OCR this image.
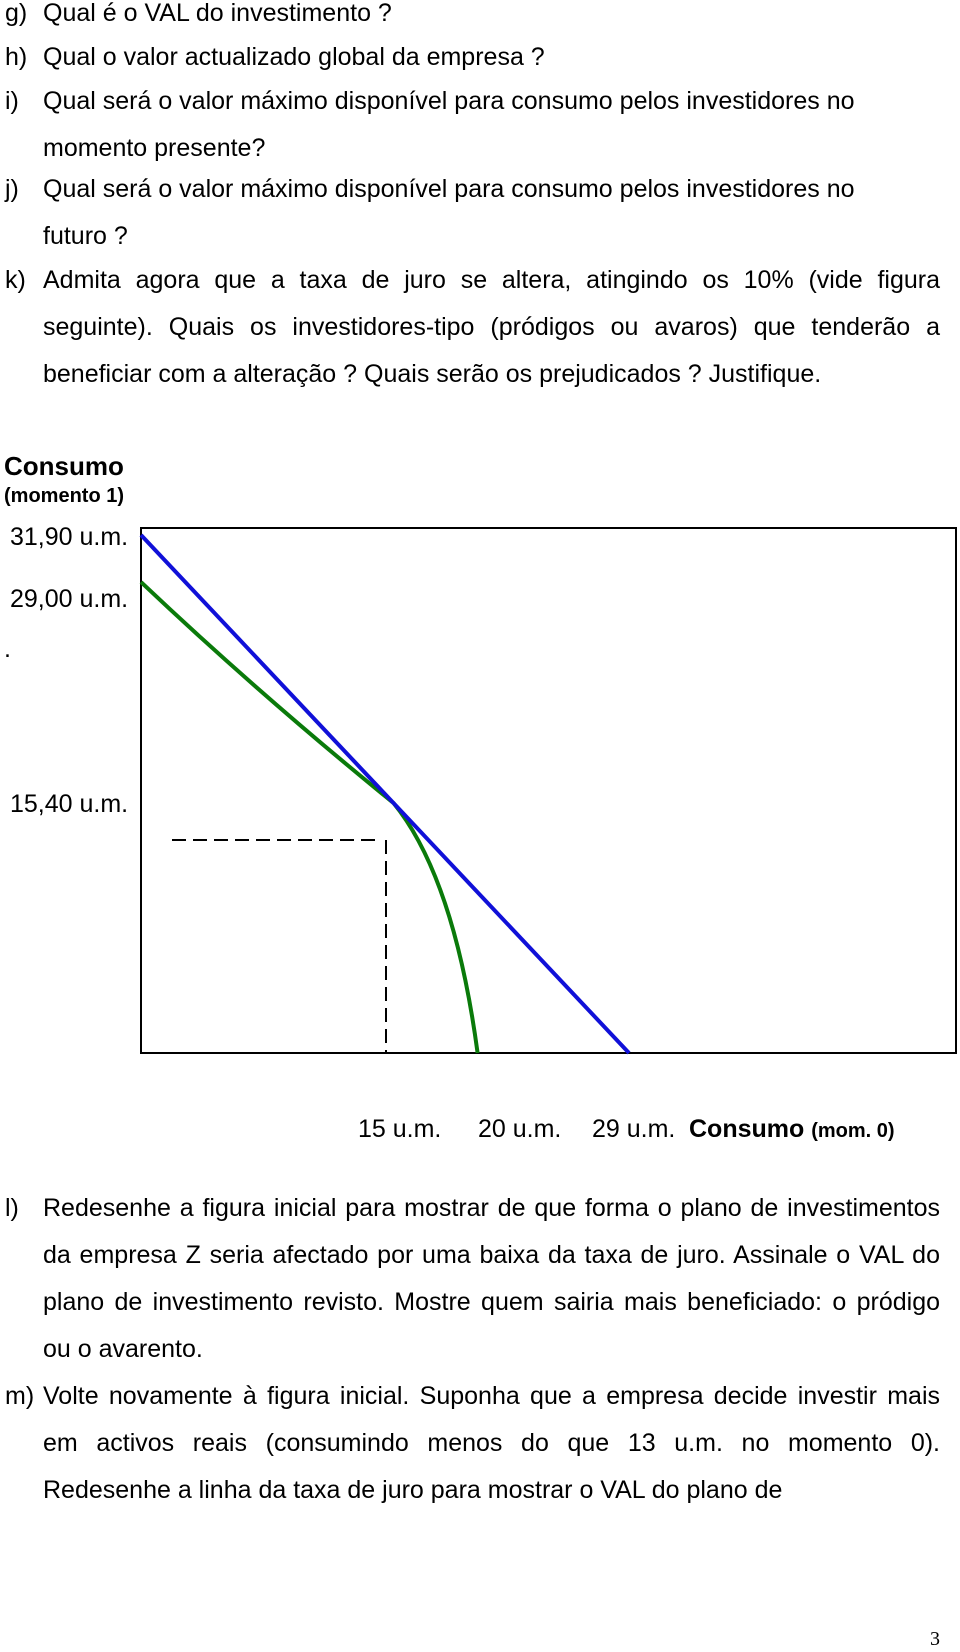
g) Qual é o VAL do investimento ?
h) Qual o valor actualizado global da empresa ?
i) Qual será o valor máximo disponível para consumo pelos investidores no momento presente?
j) Qual será o valor máximo disponível para consumo pelos investidores no futuro ?
k) Admita agora que a taxa de juro se altera, atingindo os 10% (vide figura seguinte). Quais os investidores-tipo (pródigos ou avaros) que tenderão a beneficiar com a alteração ? Quais serão os prejudicados ? Justifique.
Consumo
(momento 1)
31,90 u.m.
29,00 u.m.
.
15,40 u.m.
15 u.m. 20 u.m. 29 u.m. Consumo (mom. 0)
l) Redesenhe a figura inicial para mostrar de que forma o plano de investimentos da empresa Z seria afectado por uma baixa da taxa de juro. Assinale o VAL do plano de investimento revisto. Mostre quem sairia mais beneficiado: o pródigo ou o avarento.
m) Volte novamente à figura inicial. Suponha que a empresa decide investir mais em activos reais (consumindo menos do que 13 u.m. no momento 0). Redesenhe a linha da taxa de juro para mostrar o VAL do plano de
3
